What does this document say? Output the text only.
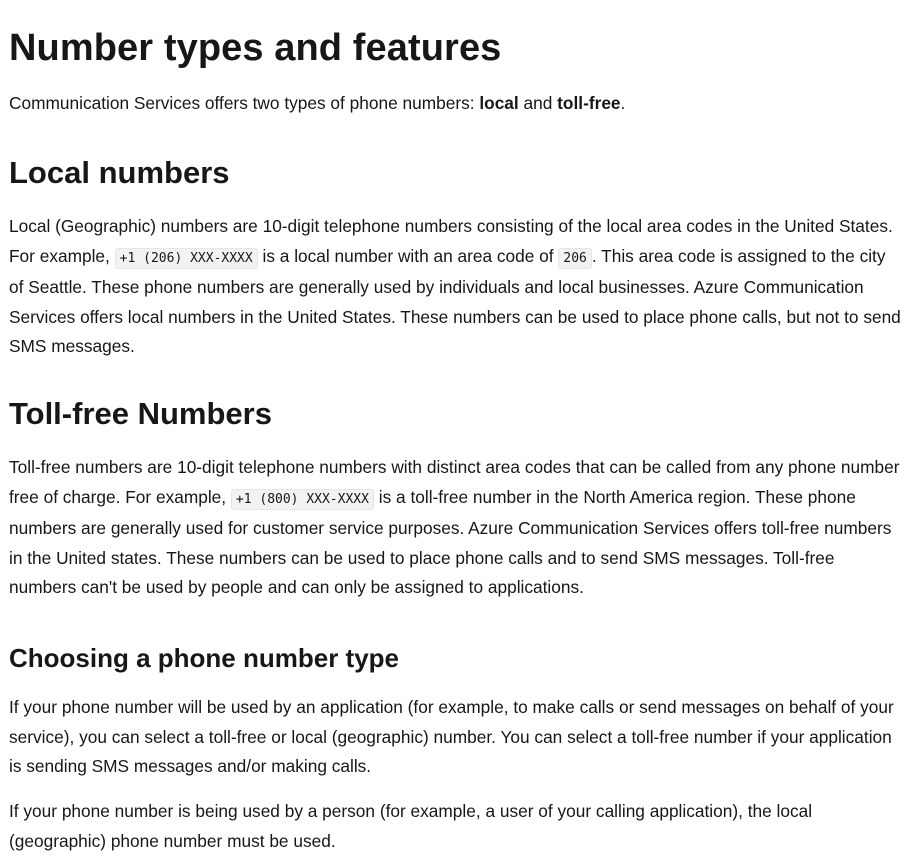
Number types and features

Communication Services offers two types of phone numbers: local and toll-free.

Local numbers

Local (Geographic) numbers are 10-digit telephone numbers consisting of the local area codes in the United States. For example, +1 (206) XXX-XXXX is a local number with an area code of 206 . This area code is assigned to the city of Seattle. These phone numbers are generally used by individuals and local businesses. Azure Communication Services offers local numbers in the United States. These numbers can be used to place phone calls, but not to send SMS messages.

Toll-free Numbers

Toll-free numbers are 10-digit telephone numbers with distinct area codes that can be called from any phone number free of charge. For example, +1 (800) XXX-XXXX is a toll-free number in the North America region. These phone numbers are generally used for customer service purposes. Azure Communication Services offers toll-free numbers in the United states. These numbers can be used to place phone calls and to send SMS messages. Toll-free numbers can't be used by people and can only be assigned to applications.

Choosing a phone number type

If your phone number will be used by an application (for example, to make calls or send messages on behalf of your service), you can select a toll-free or local (geographic) number. You can select a toll-free number if your application is sending SMS messages and/or making calls.

If your phone number is being used by a person (for example, a user of your calling application), the local (geographic) phone number must be used.
